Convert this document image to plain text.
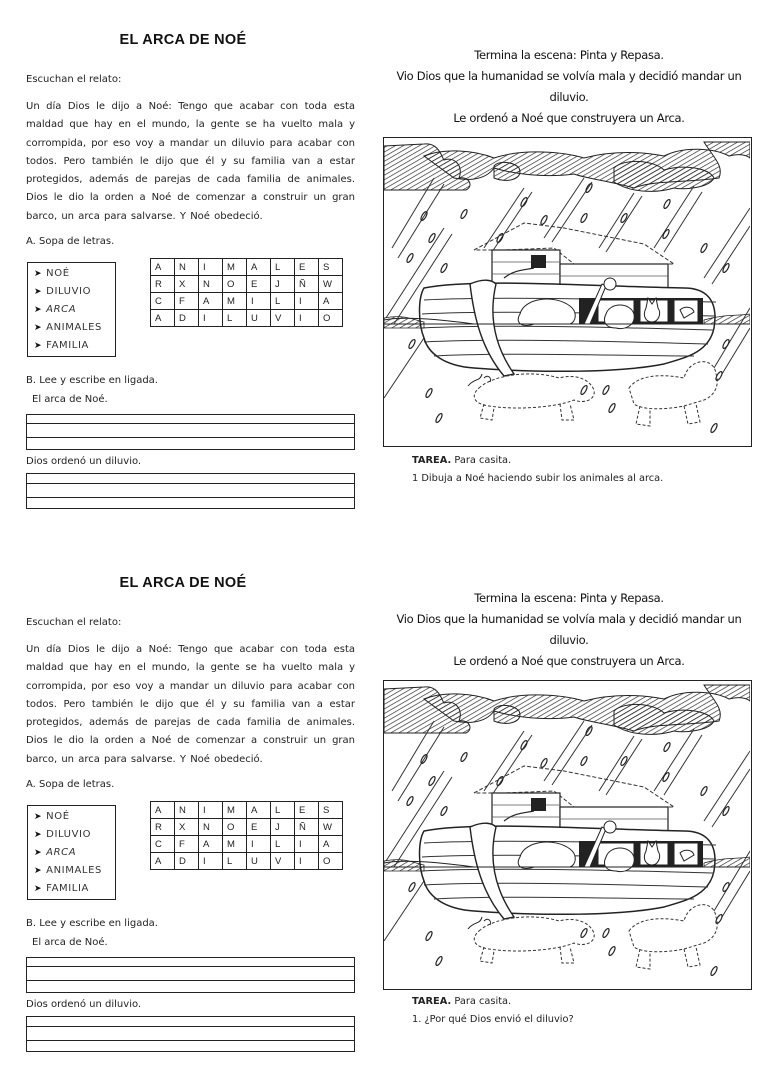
EL ARCA DE NOÉ
Escuchan el relato:
Un día Dios le dijo a Noé: Tengo que acabar con toda esta maldad que hay en el mundo, la gente se ha vuelto mala y corrompida, por eso voy a mandar un diluvio para acabar con todos. Pero también le dijo que él y su familia van a estar protegidos, además de parejas de cada familia de animales. Dios le dio la orden a Noé de comenzar a construir un gran barco, un arca para salvarse. Y Noé obedeció.
A. Sopa de letras.
➤ NOÉ
➤ DILUVIO
➤ ARCA
➤ ANIMALES
➤ FAMILIA
A	N	I	M	A	L	E	S
R	X	N	O	E	J	Ñ	W
C	F	A	M	I	L	I	A
A	D	I	L	U	V	I	O
B. Lee y escribe en ligada.
El arca de Noé.
Dios ordenó un diluvio.
Termina la escena: Pinta y Repasa.
Vio Dios que la humanidad se volvía mala y decidió mandar un diluvio.
Le ordenó a Noé que construyera un Arca.
TAREA. Para casita.
1 Dibuja a Noé haciendo subir los animales al arca.
EL ARCA DE NOÉ
Escuchan el relato:
Un día Dios le dijo a Noé: Tengo que acabar con toda esta maldad que hay en el mundo, la gente se ha vuelto mala y corrompida, por eso voy a mandar un diluvio para acabar con todos. Pero también le dijo que él y su familia van a estar protegidos, además de parejas de cada familia de animales. Dios le dio la orden a Noé de comenzar a construir un gran barco, un arca para salvarse. Y Noé obedeció.
A. Sopa de letras.
➤ NOÉ
➤ DILUVIO
➤ ARCA
➤ ANIMALES
➤ FAMILIA
A	N	I	M	A	L	E	S
R	X	N	O	E	J	Ñ	W
C	F	A	M	I	L	I	A
A	D	I	L	U	V	I	O
B. Lee y escribe en ligada.
El arca de Noé.
Dios ordenó un diluvio.
Termina la escena: Pinta y Repasa.
Vio Dios que la humanidad se volvía mala y decidió mandar un diluvio.
Le ordenó a Noé que construyera un Arca.
TAREA. Para casita.
1. ¿Por qué Dios envió el diluvio?
